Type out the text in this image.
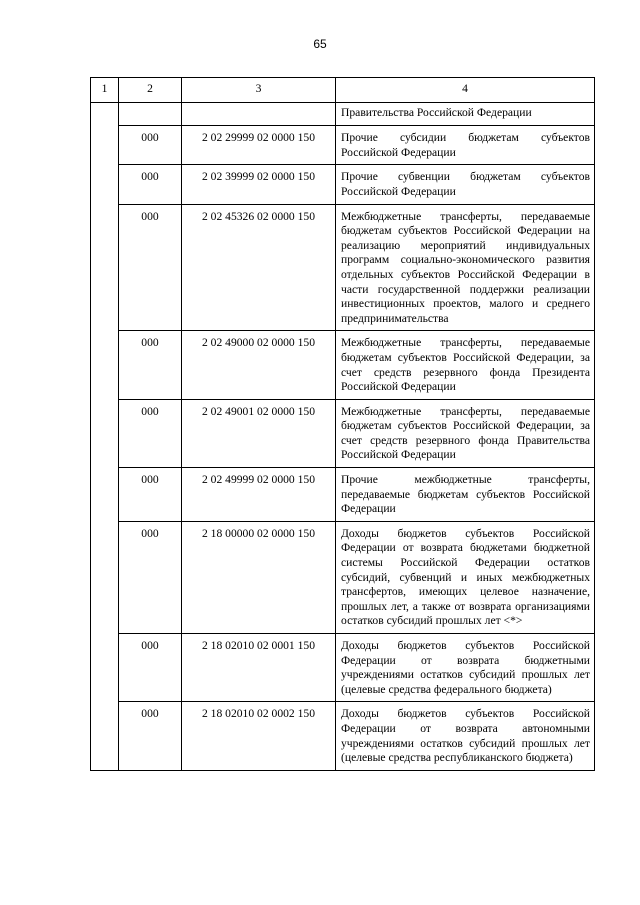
65
1	2	3	4
			Правительства Российской Федерации
	000	2 02 29999 02 0000 150	Прочие субсидии бюджетам субъектов Российской Федерации
	000	2 02 39999 02 0000 150	Прочие субвенции бюджетам субъектов Российской Федерации
	000	2 02 45326 02 0000 150	Межбюджетные трансферты, передаваемые бюджетам субъектов Российской Федерации на реализацию мероприятий индивидуальных программ социально-экономического развития отдельных субъектов Российской Федерации в части государственной поддержки реализации инвестиционных проектов, малого и среднего предпринимательства
	000	2 02 49000 02 0000 150	Межбюджетные трансферты, передаваемые бюджетам субъектов Российской Федерации, за счет средств резервного фонда Президента Российской Федерации
	000	2 02 49001 02 0000 150	Межбюджетные трансферты, передаваемые бюджетам субъектов Российской Федерации, за счет средств резервного фонда Правительства Российской Федерации
	000	2 02 49999 02 0000 150	Прочие межбюджетные трансферты, передаваемые бюджетам субъектов Российской Федерации
	000	2 18 00000 02 0000 150	Доходы бюджетов субъектов Российской Федерации от возврата бюджетами бюджетной системы Российской Федерации остатков субсидий, субвенций и иных межбюджетных трансфертов, имеющих целевое назначение, прошлых лет, а также от возврата организациями остатков субсидий прошлых лет <*>
	000	2 18 02010 02 0001 150	Доходы бюджетов субъектов Российской Федерации от возврата бюджетными учреждениями остатков субсидий прошлых лет (целевые средства федерального бюджета)
	000	2 18 02010 02 0002 150	Доходы бюджетов субъектов Российской Федерации от возврата автономными учреждениями остатков субсидий прошлых лет (целевые средства республиканского бюджета)
